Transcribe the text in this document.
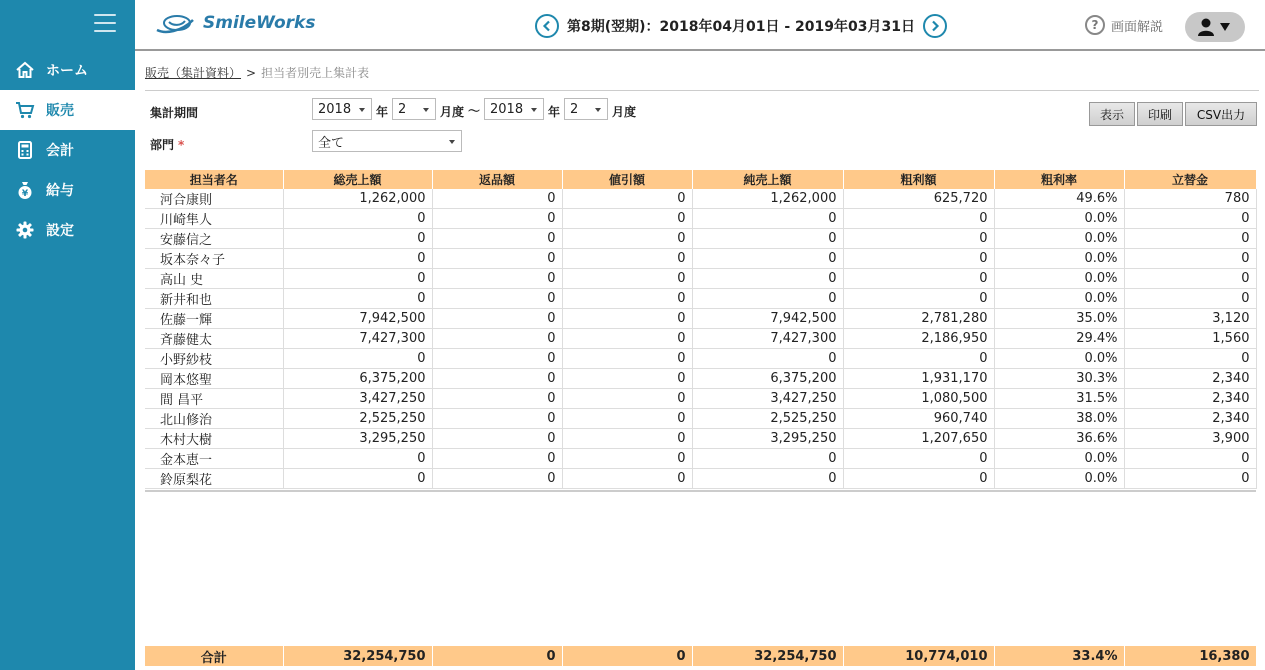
ホーム
販売
会計
¥ 給与
設定
SmileWorks	第8期(翌期)：2018年04月01日 - 2019年03月31日	? 画面解説
販売（集計資料） > 担当者別売上集計表
集計期間	2018 年 2	月度 〜 2018 年 2	月度
部門 *	全て
表示	印刷	CSV出力
担当者名	総売上額	返品額	値引額	純売上額	粗利額	粗利率	立替金
河合康則	1,262,000	0	0	1,262,000	625,720	49.6%	780
川崎隼人	0	0	0	0	0	0.0%	0
安藤信之	0	0	0	0	0	0.0%	0
坂本奈々子	0	0	0	0	0	0.0%	0
高山 史	0	0	0	0	0	0.0%	0
新井和也	0	0	0	0	0	0.0%	0
佐藤一輝	7,942,500	0	0	7,942,500	2,781,280	35.0%	3,120
斉藤健太	7,427,300	0	0	7,427,300	2,186,950	29.4%	1,560
小野紗枝	0	0	0	0	0	0.0%	0
岡本悠聖	6,375,200	0	0	6,375,200	1,931,170	30.3%	2,340
間 昌平	3,427,250	0	0	3,427,250	1,080,500	31.5%	2,340
北山修治	2,525,250	0	0	2,525,250	960,740	38.0%	2,340
木村大樹	3,295,250	0	0	3,295,250	1,207,650	36.6%	3,900
金本恵一	0	0	0	0	0	0.0%	0
鈴原梨花	0	0	0	0	0	0.0%	0
合計	32,254,750	0	0	32,254,750	10,774,010	33.4%	16,380
